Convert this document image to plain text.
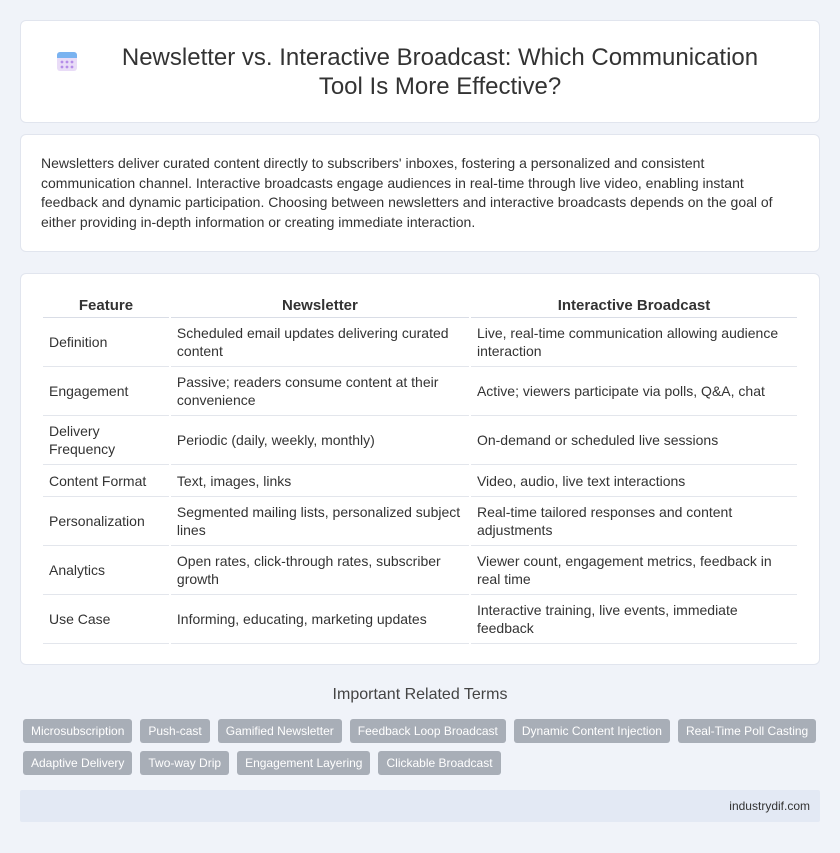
Newsletter vs. Interactive Broadcast: Which Communication Tool Is More Effective?

Newsletters deliver curated content directly to subscribers' inboxes, fostering a personalized and consistent communication channel. Interactive broadcasts engage audiences in real-time through live video, enabling instant feedback and dynamic participation. Choosing between newsletters and interactive broadcasts depends on the goal of either providing in-depth information or creating immediate interaction.

Feature	Newsletter	Interactive Broadcast
Definition	Scheduled email updates delivering curated content	Live, real-time communication allowing audience interaction
Engagement	Passive; readers consume content at their convenience	Active; viewers participate via polls, Q&A, chat
Delivery Frequency	Periodic (daily, weekly, monthly)	On-demand or scheduled live sessions
Content Format	Text, images, links	Video, audio, live text interactions
Personalization	Segmented mailing lists, personalized subject lines	Real-time tailored responses and content adjustments
Analytics	Open rates, click-through rates, subscriber growth	Viewer count, engagement metrics, feedback in real time
Use Case	Informing, educating, marketing updates	Interactive training, live events, immediate feedback
Important Related Terms
Microsubscription	Push-cast	Gamified Newsletter	Feedback Loop Broadcast	Dynamic Content Injection	Real-Time Poll Casting
Adaptive Delivery	Two-way Drip	Engagement Layering	Clickable Broadcast
industrydif.com
